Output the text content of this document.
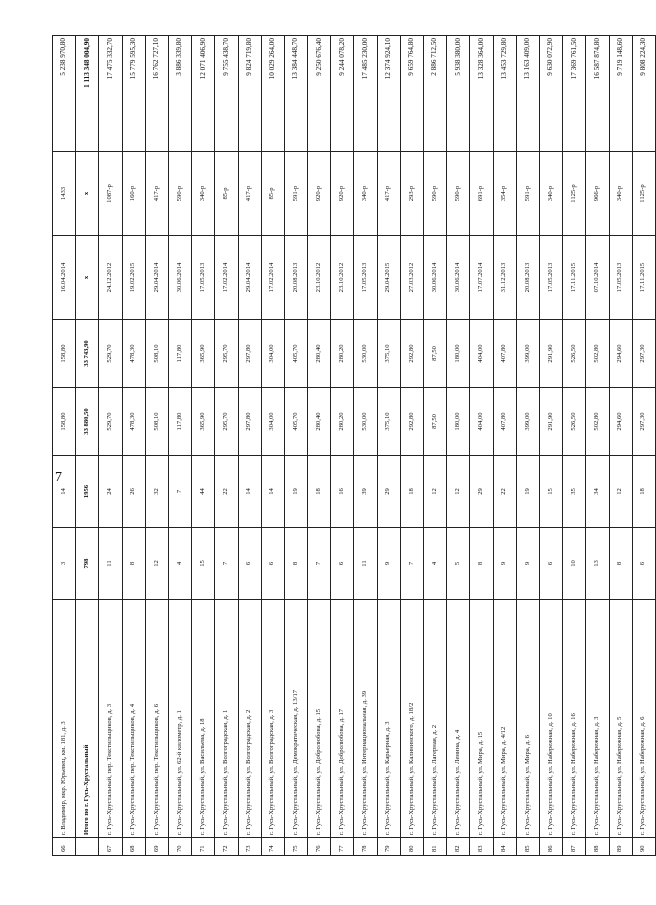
7
66	г. Владимир, мкр. Юрьевец, км. 181, д. 3	3	14	158,80	158,80	16.04.2014	1433	5 238 970,80
	Итого по г. Гусь-Хрустальный	798	1956	33 880,50	33 743,90	x	x	1 113 348 004,90
67	г. Гусь-Хрустальный, пер. Текстильщиков, д. 3	11	24	529,70	529,70	24.12.2012	1087-р	17 475 332,70
68	г. Гусь-Хрустальный, пер. Текстильщиков, д. 4	8	26	478,30	478,30	19.02.2015	160-р	15 779 595,30
69	г. Гусь-Хрустальный, пер. Текстильщиков, д. 6	12	32	508,10	508,10	29.04.2014	417-р	16 762 727,10
70	г. Гусь-Хрустальный, ул. 62-й километр, д. 1	4	7	117,80	117,80	30.06.2014	590-р	3 886 339,80
71	г. Гусь-Хрустальный, ул. Васильева, д. 18	15	44	365,90	365,90	17.05.2013	340-р	12 071 406,90
72	г. Гусь-Хрустальный, ул. Волгоградская, д. 1	7	22	295,70	295,70	17.02.2014	85-р	9 755 438,70
73	г. Гусь-Хрустальный, ул. Волгоградская, д. 2	6	14	297,80	297,80	29.04.2014	417-р	9 824 719,80
74	г. Гусь-Хрустальный, ул. Волгоградская, д. 3	6	14	304,00	304,00	17.02.2014	85-р	10 029 264,00
75	г. Гусь-Хрустальный, ул. Демократическая, д. 13/17	8	19	405,70	405,70	20.08.2013	591-р	13 384 448,70
76	г. Гусь-Хрустальный, ул. Добролюбова, д. 15	7	18	280,40	280,40	23.10.2012	920-р	9 250 676,40
77	г. Гусь-Хрустальный, ул. Добролюбова, д. 17	6	16	280,20	280,20	23.10.2012	920-р	9 244 078,20
78	г. Гусь-Хрустальный, ул. Интернациональная, д. 39	11	39	530,00	530,00	17.05.2013	340-р	17 485 230,00
79	г. Гусь-Хрустальный, ул. Карьерная, д. 3	9	29	375,10	375,10	29.04.2015	417-р	12 374 924,10
80	г. Гусь-Хрустальный, ул. Калининского, д. 18/2	7	18	292,80	292,80	27.03.2012	293-р	9 659 764,80
81	г. Гусь-Хрустальный, ул. Лагерная, д. 2	4	12	87,50	87,50	30.06.2014	590-р	2 886 712,50
82	г. Гусь-Хрустальный, ул. Ленина, д. 4	5	12	180,00	180,00	30.06.2014	590-р	5 938 380,00
83	г. Гусь-Хрустальный, ул. Мира, д. 15	8	29	404,00	404,00	17.07.2014	691-р	13 328 364,00
84	г. Гусь-Хрустальный, ул. Мира, д. 4/12	9	22	407,80	407,80	31.12.2013	354-р	13 453 729,80
85	г. Гусь-Хрустальный, ул. Мира, д. 6	9	19	399,00	399,00	20.08.2013	591-р	13 163 409,00
86	г. Гусь-Хрустальный, ул. Набережная, д. 10	6	15	291,90	291,90	17.05.2013	340-р	9 630 072,90
87	г. Гусь-Хрустальный, ул. Набережная, д. 16	10	35	526,50	526,50	17.11.2015	1125-р	17 369 761,50
88	г. Гусь-Хрустальный, ул. Набережная, д. 3	13	34	502,80	502,80	07.10.2014	966-р	16 587 874,80
89	г. Гусь-Хрустальный, ул. Набережная, д. 5	8	12	294,60	294,60	17.05.2013	340-р	9 719 148,60
90	г. Гусь-Хрустальный, ул. Набережная, д. 6	6	18	297,30	297,30	17.11.2015	1125-р	9 808 224,30
